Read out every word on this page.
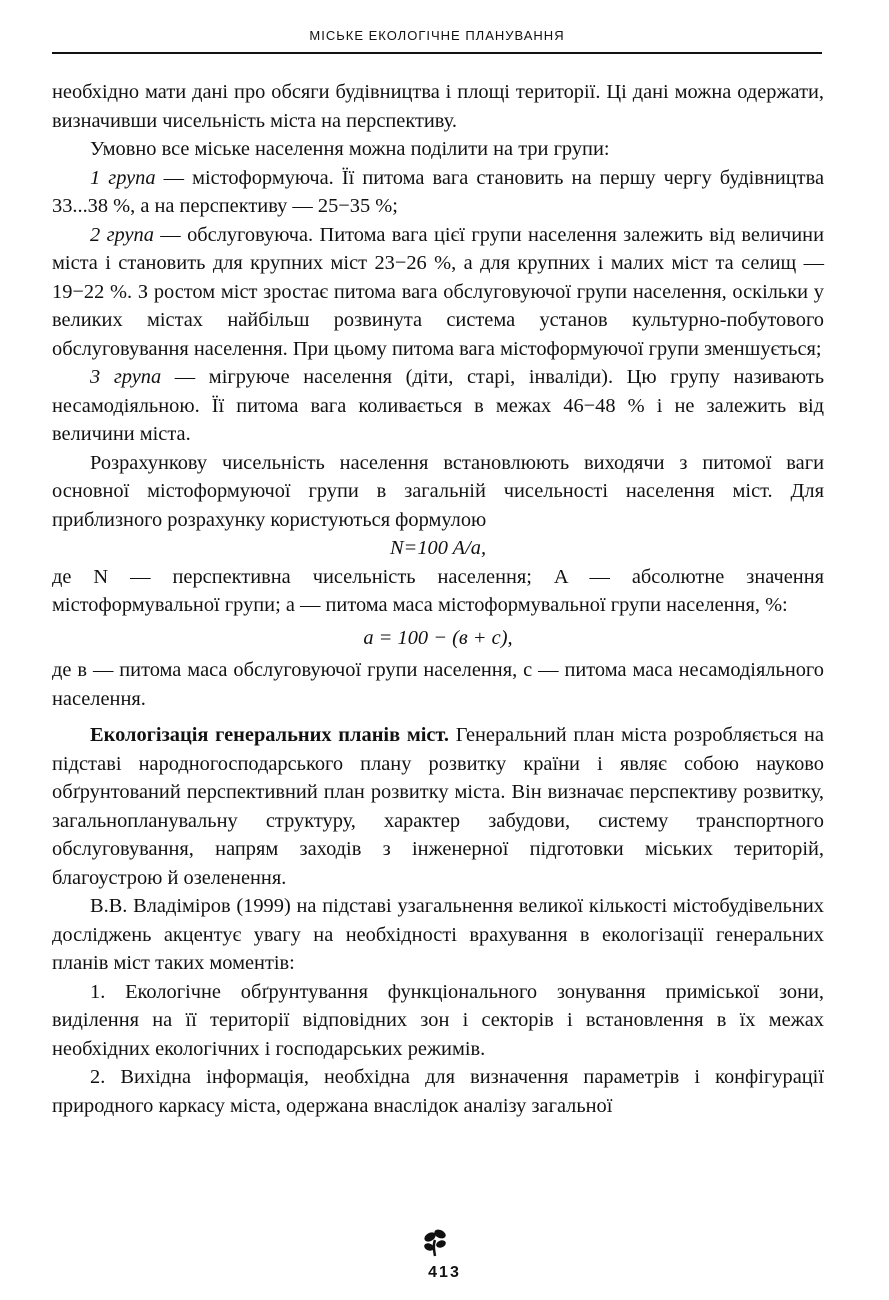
МІСЬКЕ ЕКОЛОГІЧНЕ ПЛАНУВАННЯ

необхідно мати дані про обсяги будівництва і площі території. Ці дані можна одержати, визначивши чисельність міста на перспективу.

Умовно все міське населення можна поділити на три групи:

1 група — містоформуюча. Її питома вага становить на першу чергу будівництва 33...38 %, а на перспективу — 25−35 %;

2 група — обслуговуюча. Питома вага цієї групи населення залежить від величини міста і становить для крупних міст 23−26 %, а для крупних і малих міст та селищ — 19−22 %. З ростом міст зростає питома вага обслуговуючої групи населення, оскільки у великих містах найбільш розвинута система установ культурно-побутового обслуговування населення. При цьому питома вага містоформуючої групи зменшується;

3 група — мігруюче населення (діти, старі, інваліди). Цю групу називають несамодіяльною. Її питома вага коливається в межах 46−48 % і не залежить від величини міста.

Розрахункову чисельність населення встановлюють виходячи з питомої ваги основної містоформуючої групи в загальній чисельності населення міст. Для приблизного розрахунку користуються формулою

N=100 A/a,

де N — перспективна чисельність населення; A — абсолютне значення містоформувальної групи; a — питома маса містоформувальної групи населення, %:

a = 100 − (в + c),

де в — питома маса обслуговуючої групи населення, c — питома маса несамодіяльного населення.

Екологізація генеральних планів міст. Генеральний план міста розробляється на підставі народногосподарського плану розвитку країни і являє собою науково обґрунтований перспективний план розвитку міста. Він визначає перспективу розвитку, загальнопланувальну структуру, характер забудови, систему транспортного обслуговування, напрям заходів з інженерної підготовки міських територій, благоустрою й озеленення.

В.В. Владіміров (1999) на підставі узагальнення великої кількості містобудівельних досліджень акцентує увагу на необхідності врахування в екологізації генеральних планів міст таких моментів:

1. Екологічне обґрунтування функціонального зонування приміської зони, виділення на її території відповідних зон і секторів і встановлення в їх межах необхідних екологічних і господарських режимів.

2. Вихідна інформація, необхідна для визначення параметрів і конфігурації природного каркасу міста, одержана внаслідок аналізу загальної

413
